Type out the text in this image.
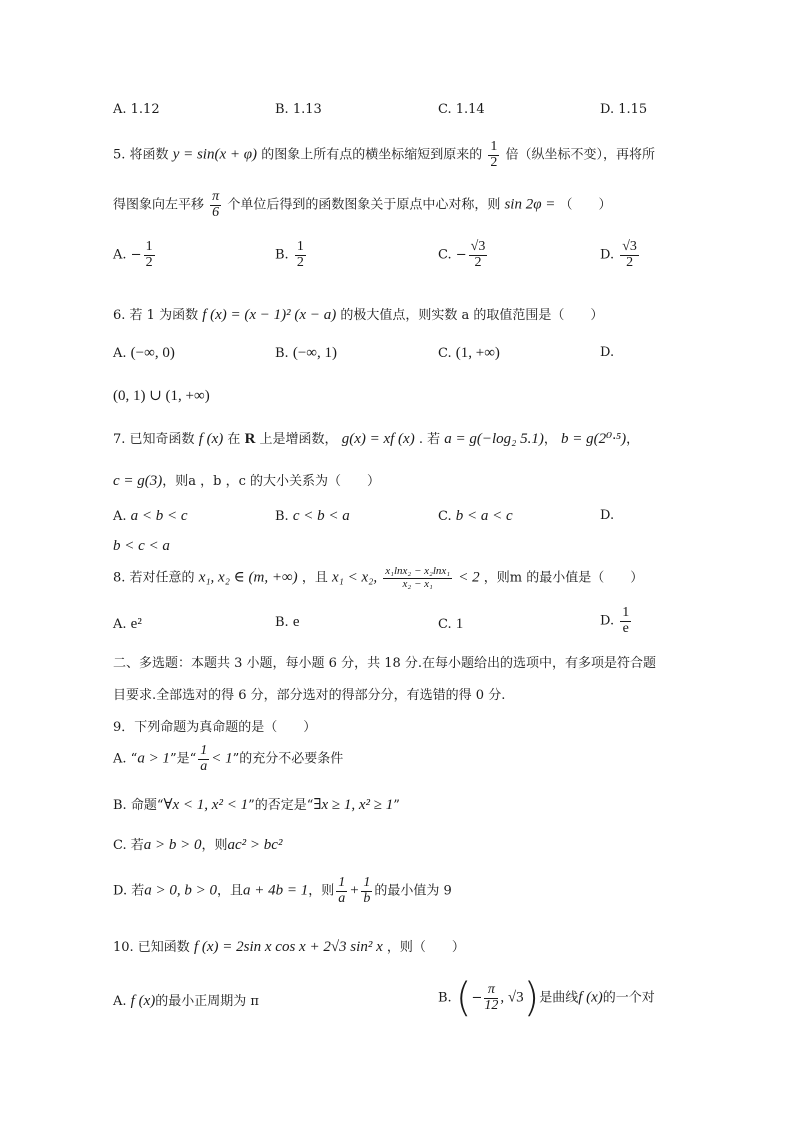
A. 1.12	B. 1.13	C. 1.14	D. 1.15
5. 将函数 y = sin(x + φ) 的图象上所有点的横坐标缩短到原来的 $\frac{1}{2}$ 倍（纵坐标不变），再将所
得图象向左平移 $\frac{\pi}{6}$ 个单位后得到的函数图象关于原点中心对称，则 sin 2φ = （　　）
A. − $\frac{1}{2}$	B. $\frac{1}{2}$	C. − $\frac{√3}{2}$	D. $\frac{√3}{2}$
6. 若 1 为函数 f (x) = (x − 1)² (x − a) 的极大值点，则实数 a 的取值范围是（　　）
A. (−∞, 0)	B. (−∞, 1)	C. (1, +∞)	D.
(0, 1) ∪ (1, +∞)
7. 已知奇函数 f (x) 在 R 上是增函数， g(x) = xf (x) . 若 a = g(−log₂ 5.1)， b = g(2⁰·⁵)，
c = g(3)，则a ，b ，c 的大小关系为（　　）
A. a < b < c	B. c < b < a	C. b < a < c	D.
b < c < a
8. 若对任意的 x₁, x₂ ∈ (m, +∞) ，且 x₁ < x₂, $\frac{\text{x₁lnx₂ − x₂lnx₁}}{\text{x₂ − x₁}} < 2$ ，则m 的最小值是（　　）
A. e²	B. e	C. 1	D. $\frac{1}{e}$
二、多选题：本题共 3 小题，每小题 6 分，共 18 分.在每小题给出的选项中，有多项是符合题
目要求.全部选对的得 6 分，部分选对的得部分分，有选错的得 0 分.
9．下列命题为真命题的是（　　）
A. “a > 1”是“ $\frac{1}{a} < 1$”的充分不必要条件
B. 命题“∀x < 1, x² < 1”的否定是“∃x ≥ 1, x² ≥ 1”
C. 若a > b > 0，则ac² > bc²
D. 若a > 0, b > 0，且a + 4b = 1，则 $\frac{1}{a} + \frac{1}{b}$ 的最小值为 9
10. 已知函数 f (x) = 2sin x cos x + 2√3 sin² x ，则（　　）
A. f (x)的最小正周期为 π	B. (− $\frac{\pi}{12}$ , √3)是曲线f (x)的一个对
